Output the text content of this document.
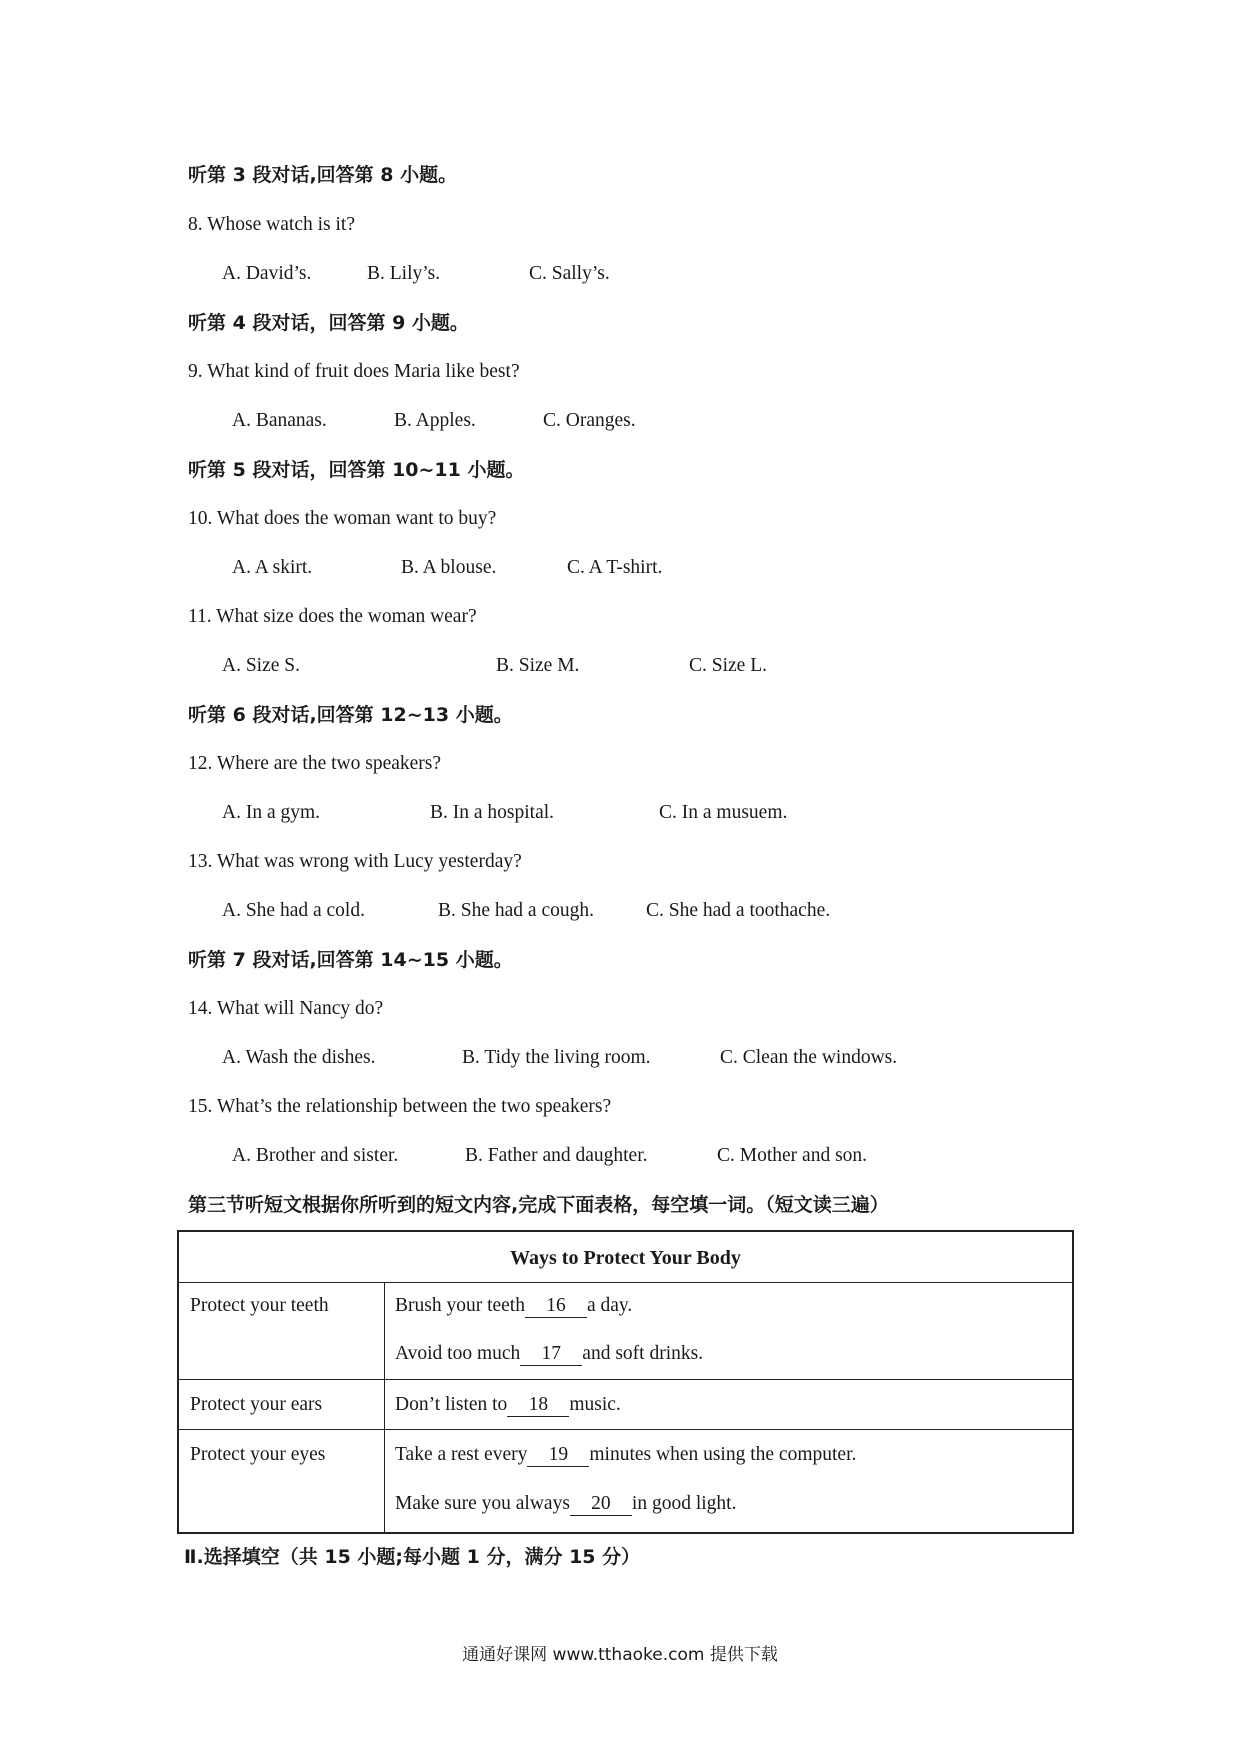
听第 3 段对话,回答第 8 小题。
8. Whose watch is it?
A. David’s.	B. Lily’s.	C. Sally’s.
听第 4 段对话，回答第 9 小题。
9. What kind of fruit does Maria like best?
A. Bananas.	B. Apples.	C. Oranges.
听第 5 段对话，回答第 10~11 小题。
10. What does the woman want to buy?
A. A skirt.	B. A blouse.	C. A T-shirt.
11. What size does the woman wear?
A. Size S.	B. Size M.	C. Size L.
听第 6 段对话,回答第 12~13 小题。
12. Where are the two speakers?
A. In a gym.	B. In a hospital.	C. In a musuem.
13. What was wrong with Lucy yesterday?
A. She had a cold.	B. She had a cough.	C. She had a toothache.
听第 7 段对话,回答第 14~15 小题。
14. What will Nancy do?
A. Wash the dishes.	B. Tidy the living room.	C. Clean the windows.
15. What’s the relationship between the two speakers?
A. Brother and sister.	B. Father and daughter.	C. Mother and son.
第三节听短文根据你所听到的短文内容,完成下面表格，每空填一词。（短文读三遍）
Ways to Protect Your Body
Protect your teeth	Brush your teeth 16 a day.
Avoid too much 17 and soft drinks.
Protect your ears	Don’t listen to 18 music.
Protect your eyes	Take a rest every 19 minutes when using the computer.
Make sure you always 20 in good light.
Ⅱ.选择填空（共 15 小题;每小题 1 分，满分 15 分）
通通好课网 www.tthaoke.com 提供下载
